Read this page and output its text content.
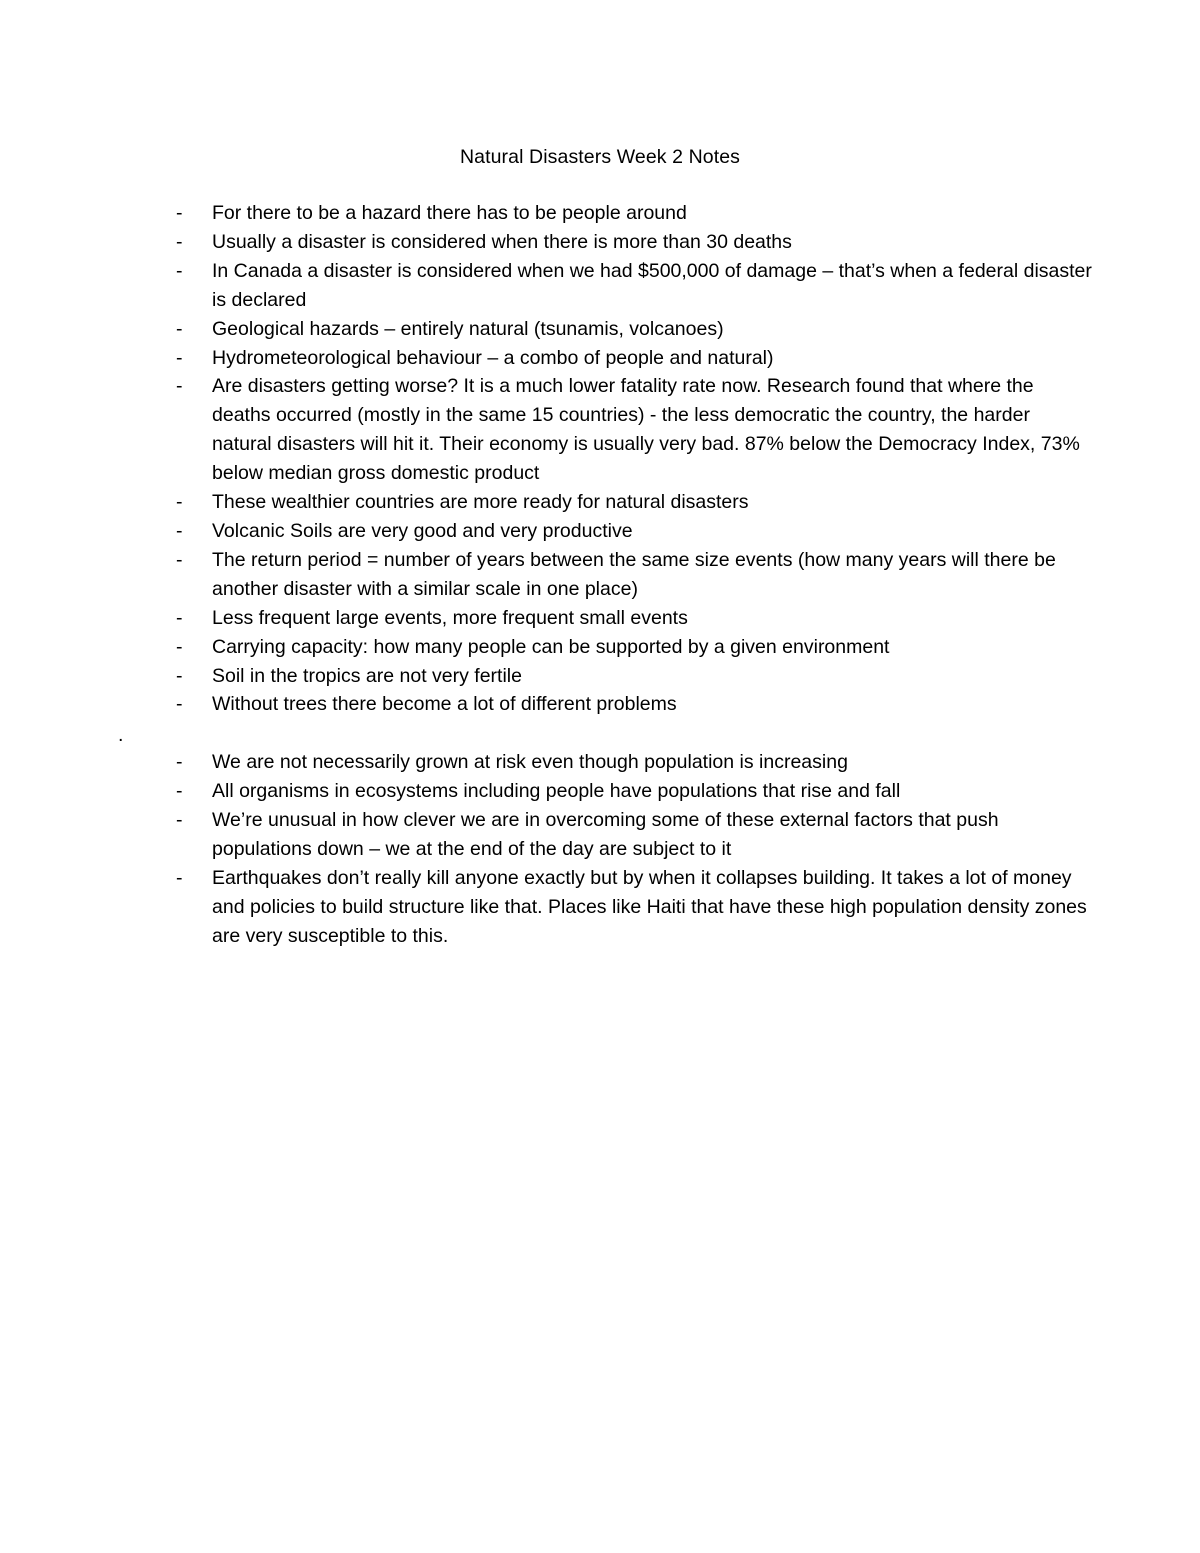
Natural Disasters Week 2 Notes
- For there to be a hazard there has to be people around
- Usually a disaster is considered when there is more than 30 deaths
- In Canada a disaster is considered when we had $500,000 of damage – that’s when a federal disaster is declared
- Geological hazards – entirely natural (tsunamis, volcanoes)
- Hydrometeorological behaviour – a combo of people and natural)
- Are disasters getting worse? It is a much lower fatality rate now. Research found that where the deaths occurred (mostly in the same 15 countries) - the less democratic the country, the harder natural disasters will hit it. Their economy is usually very bad. 87% below the Democracy Index, 73% below median gross domestic product
- These wealthier countries are more ready for natural disasters
- Volcanic Soils are very good and very productive
- The return period = number of years between the same size events (how many years will there be another disaster with a similar scale in one place)
- Less frequent large events, more frequent small events
- Carrying capacity: how many people can be supported by a given environment
- Soil in the tropics are not very fertile
- Without trees there become a lot of different problems
.
- We are not necessarily grown at risk even though population is increasing
- All organisms in ecosystems including people have populations that rise and fall
- We’re unusual in how clever we are in overcoming some of these external factors that push populations down – we at the end of the day are subject to it
- Earthquakes don’t really kill anyone exactly but by when it collapses building. It takes a lot of money and policies to build structure like that. Places like Haiti that have these high population density zones are very susceptible to this.
